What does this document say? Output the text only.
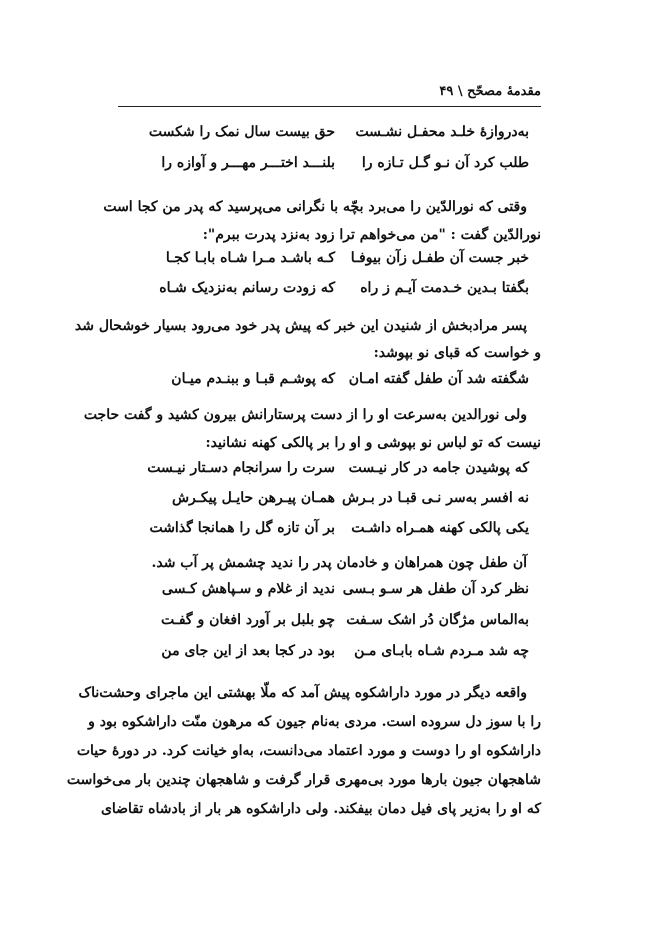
مقدمهٔ مصحّح \ ۴۹
به‌دروازهٔ خلـد محفـل نشـست
حق بیست سال نمک را شکست
طلب کرد آن نـو گـل تـازه را
بلنـــد اختـــر مهـــر و آوازه را
وقتی که نورالدّین را می‌برد بچّه با نگرانی می‌پرسید که پدر من کجا است
نورالدّین گفت : "من می‌خواهم ترا زود به‌نزد پدرت ببرم":
خبر جست آن طفـل زآن بیوفـا
کـه باشـد مـرا شـاه بابـا کجـا
بگفتا بـدین خـدمت آیـم ز راه
که زودت رسانم به‌نزدیک شـاه
پسر مرادبخش از شنیدن این خبر که پیش پدر خود می‌رود بسیار خوشحال شد
و خواست که قبای نو بپوشد:
شگفته شد آن طفل گفته امـان
که پوشـم قبـا و ببنـدم میـان
ولی نورالدین به‌سرعت او را از دست پرستارانش بیرون کشید و گفت حاجت
نیست که تو لباس نو بپوشی و او را بر پالکی کهنه نشانید:
که پوشیدن جامه در کار نیـست
سرت را سرانجام دسـتار نیـست
نه افسر به‌سر نـی قبـا در بـرش
همـان پیـرهن حایـل پیکـرش
یکی پالکی کهنه همـراه داشـت
بر آن تازه گل را همانجا گذاشت
آن طفل چون همراهان و خادمان پدر را ندید چشمش پر آب شد.
نظر کرد آن طفل هر سـو بـسی
ندید از غلام و سـپاهش کـسی
به‌الماس مژگان دُر اشک سـفت
چو بلبل بر آورد افغان و گفـت
چه شد مـردم شـاه بابـای مـن
بود در کجا بعد از این جای من
واقعه دیگر در مورد داراشکوه پیش آمد که ملّا بهشتی این ماجرای وحشت‌ناک
را با سوز دل سروده است. مردی به‌نام جیون که مرهون منّت داراشکوه بود و
داراشکوه او را دوست و مورد اعتماد می‌دانست، به‌او خیانت کرد. در دورهٔ حیات
شاهجهان جیون بارها مورد بی‌مهری قرار گرفت و شاهجهان چندین بار می‌خواست
که او را به‌زیر پای فیل دمان بیفکند. ولی داراشکوه هر بار از بادشاه تقاضای
